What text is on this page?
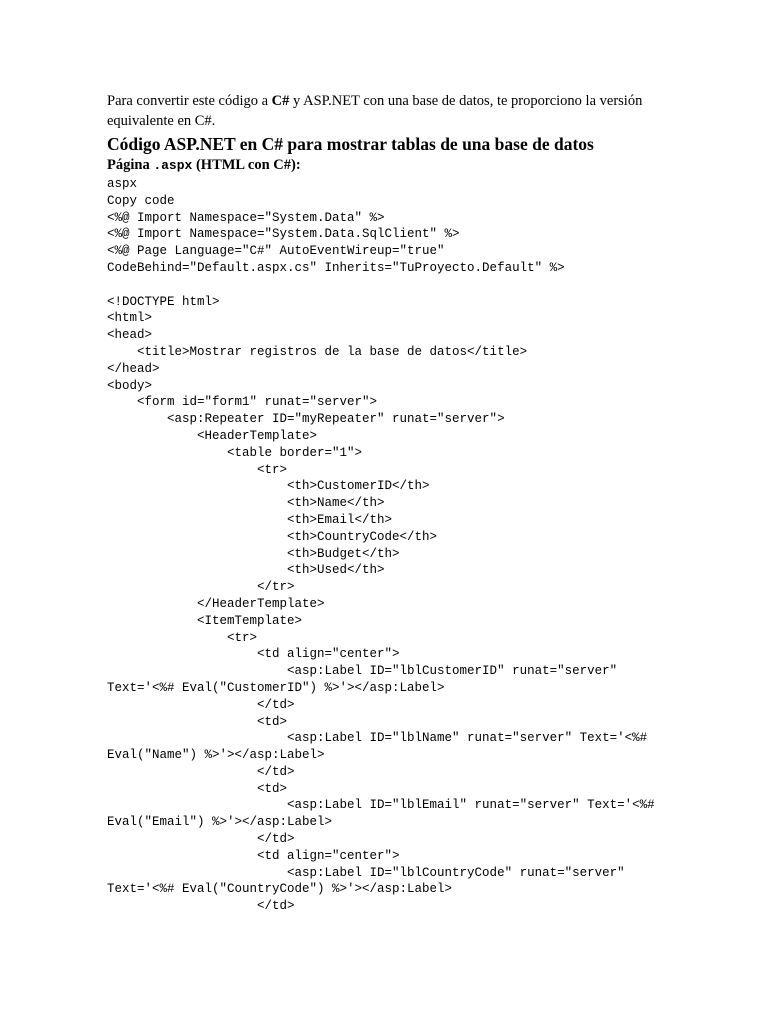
Para convertir este código a C# y ASP.NET con una base de datos, te proporciono la versión equivalente en C#.

Código ASP.NET en C# para mostrar tablas de una base de datos
Página .aspx (HTML con C#):
aspx
Copy code
<%@ Import Namespace="System.Data" %>
<%@ Import Namespace="System.Data.SqlClient" %>
<%@ Page Language="C#" AutoEventWireup="true"
CodeBehind="Default.aspx.cs" Inherits="TuProyecto.Default" %>

<!DOCTYPE html>
<html>
<head>
<title>Mostrar registros de la base de datos</title>
</head>
<body>
<form id="form1" runat="server">
<asp:Repeater ID="myRepeater" runat="server">
<HeaderTemplate>
<table border="1">
<tr>
<th>CustomerID</th>
<th>Name</th>
<th>Email</th>
<th>CountryCode</th>
<th>Budget</th>
<th>Used</th>
</tr>
</HeaderTemplate>
<ItemTemplate>
<tr>
<td align="center">
<asp:Label ID="lblCustomerID" runat="server"
Text='<%# Eval("CustomerID") %>'></asp:Label>
</td>
<td>
<asp:Label ID="lblName" runat="server" Text='<%#
Eval("Name") %>'></asp:Label>
</td>
<td>
<asp:Label ID="lblEmail" runat="server" Text='<%#
Eval("Email") %>'></asp:Label>
</td>
<td align="center">
<asp:Label ID="lblCountryCode" runat="server"
Text='<%# Eval("CountryCode") %>'></asp:Label>
</td>
